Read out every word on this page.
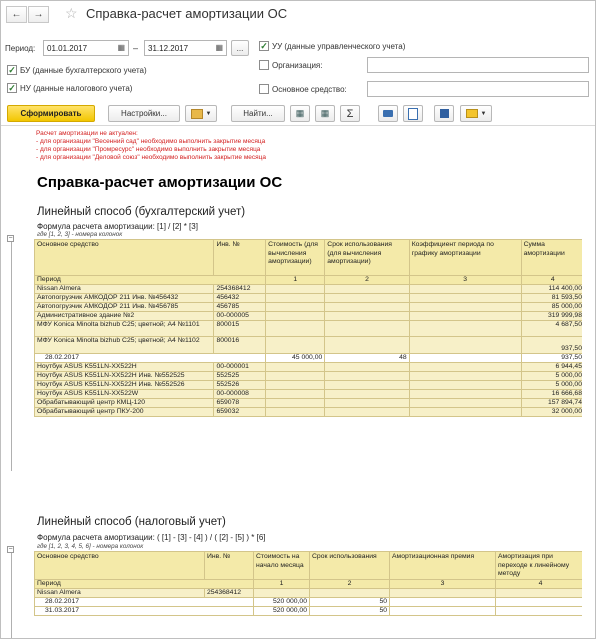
← → ☆ Справка-расчет амортизации ОС
Период: 01.01.2017	▦ – 31.12.2017	▦	...	✓ УУ (данные управленческого учета)
✓ БУ (данные бухгалтерского учета)
Организация:
✓ НУ (данные налогового учета)	Основное средство:
Сформировать	Настройки...	▼	Найти...	▦ ▦	Σ	▼
−
−
Расчет амортизации не актуален:
- для организации "Весенний сад" необходимо выполнить закрытие месяца
- для организации "Промресурс" необходимо выполнить закрытие месяца
- для организации "Деловой союз" необходимо выполнить закрытие месяца
Справка-расчет амортизации ОС
Линейный способ (бухгалтерский учет)
Формула расчета амортизации: [1] / [2] * [3]
где [1, 2, 3] - номера колонок
Основное средство	Инв. №	Стоимость (для вычисления амортизации)	Срок использования (для вычисления амортизации)	Коэффициент периода по графику амортизации	Сумма амортизации
Период		1	2	3	4
Nissan Almera	254368412				114 400,00
Автопогрузчик АМКОДОР 211 Инв. №456432	456432				81 593,50
Автопогрузчик АМКОДОР 211 Инв. №456785	456785				85 000,00
Административное здание №2	00-000005				319 999,98
МФУ Konica Minolta bizhub C25; цветной; А4 №1101	800015				4 687,50
МФУ Konica Minolta bizhub C25; цветной; А4 №1102	800016				937,50
28.02.2017		45 000,00	48		937,50
Ноутбук ASUS K551LN-XX522H	00-000001				6 944,45
Ноутбук ASUS K551LN-XX522H Инв. №552525	552525				5 000,00
Ноутбук ASUS K551LN-XX522H Инв. №552526	552526				5 000,00
Ноутбук ASUS K551LN-XX522W	00-000008				16 666,68
Обрабатывающий центр КМЦ-120	659078				157 894,74
Обрабатывающий центр ПКУ-200	659032				32 000,00
Линейный способ (налоговый учет)
Формула расчета амортизации: ( [1] - [3] - [4] ) / ( [2] - [5] ) * [6]
где [1, 2, 3, 4, 5, 6] - номера колонок
Основное средство	Инв. №	Стоимость на начало месяца	Срок использования	Амортизационная премия	Амортизация при переходе к линейному методу
Период		1	2	3	4
Nissan Almera	254368412				
28.02.2017		520 000,00	50		
31.03.2017		520 000,00	50		
